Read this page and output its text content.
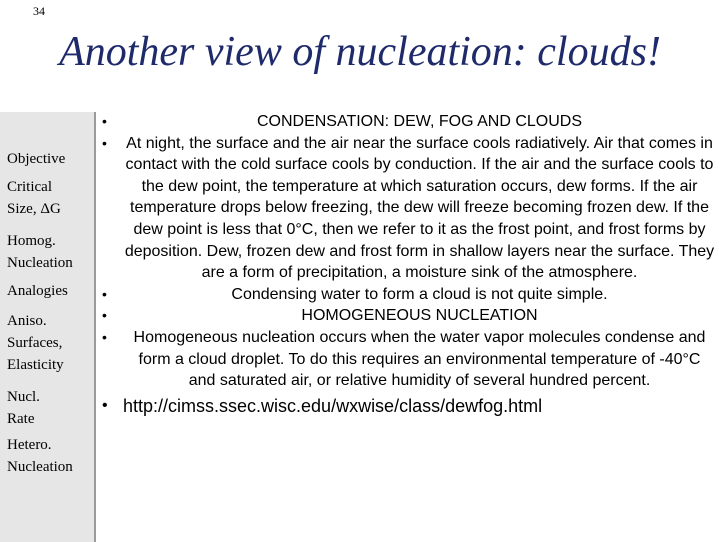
34
Another view of nucleation: clouds!
Objective
Critical
Size, ΔG
Homog.
Nucleation
Analogies
Aniso.
Surfaces,
Elasticity
Nucl.
Rate
Hetero.
Nucleation
• CONDENSATION: DEW, FOG AND CLOUDS
• At night, the surface and the air near the surface cools radiatively. Air that comes in contact with the cold surface cools by conduction. If the air and the surface cools to the dew point, the temperature at which saturation occurs, dew forms. If the air temperature drops below freezing, the dew will freeze becoming frozen dew. If the dew point is less that 0°C, then we refer to it as the frost point, and frost forms by deposition. Dew, frozen dew and frost form in shallow layers near the surface. They are a form of precipitation, a moisture sink of the atmosphere.
• Condensing water to form a cloud is not quite simple.
• HOMOGENEOUS NUCLEATION
• Homogeneous nucleation occurs when the water vapor molecules condense and form a cloud droplet. To do this requires an environmental temperature of -40°C and saturated air, or relative humidity of several hundred percent.
• http://cimss.ssec.wisc.edu/wxwise/class/dewfog.html
